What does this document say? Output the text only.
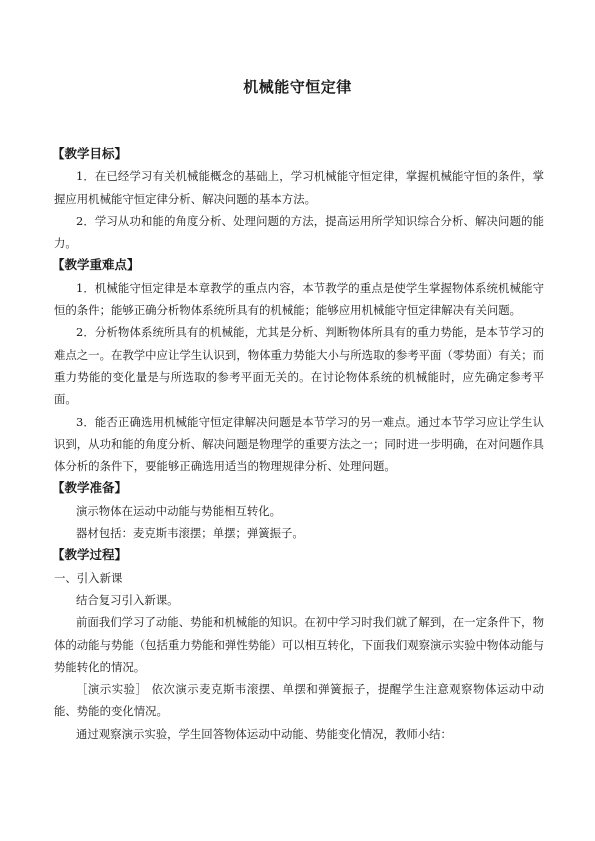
机械能守恒定律
【教学目标】

1．在已经学习有关机械能概念的基础上，学习机械能守恒定律，掌握机械能守恒的条件，掌握应用机械能守恒定律分析、解决问题的基本方法。

2．学习从功和能的角度分析、处理问题的方法，提高运用所学知识综合分析、解决问题的能力。

【教学重难点】

1．机械能守恒定律是本章教学的重点内容，本节教学的重点是使学生掌握物体系统机械能守恒的条件；能够正确分析物体系统所具有的机械能；能够应用机械能守恒定律解决有关问题。

2．分析物体系统所具有的机械能，尤其是分析、判断物体所具有的重力势能，是本节学习的难点之一。在教学中应让学生认识到，物体重力势能大小与所选取的参考平面（零势面）有关；而重力势能的变化量是与所选取的参考平面无关的。在讨论物体系统的机械能时，应先确定参考平面。

3．能否正确选用机械能守恒定律解决问题是本节学习的另一难点。通过本节学习应让学生认识到，从功和能的角度分析、解决问题是物理学的重要方法之一；同时进一步明确，在对问题作具体分析的条件下，要能够正确选用适当的物理规律分析、处理问题。

【教学准备】

演示物体在运动中动能与势能相互转化。

器材包括：麦克斯韦滚摆；单摆；弹簧振子。

【教学过程】

一、引入新课

结合复习引入新课。

前面我们学习了动能、势能和机械能的知识。在初中学习时我们就了解到，在一定条件下，物体的动能与势能（包括重力势能和弹性势能）可以相互转化，下面我们观察演示实验中物体动能与势能转化的情况。

［演示实验］ 依次演示麦克斯韦滚摆、单摆和弹簧振子，提醒学生注意观察物体运动中动能、势能的变化情况。

通过观察演示实验，学生回答物体运动中动能、势能变化情况，教师小结：
